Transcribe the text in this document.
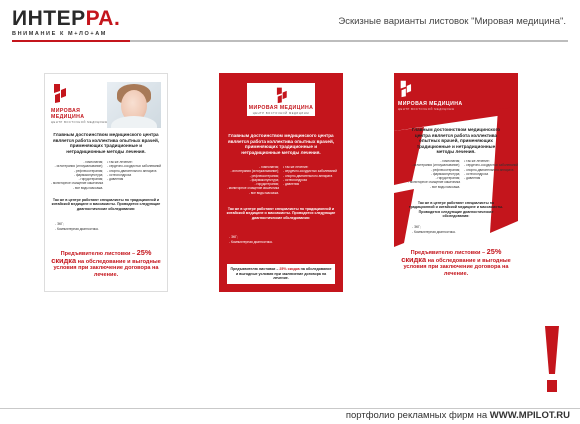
ИНТЕРРА.
ВНИМАНИЕ К М+ЛО+АМ
Эскизные варианты листовок "Мировая медицина".
МИРОВАЯ МЕДИЦИНА
ЦЕНТР ВОСТОЧНОЙ МЕДИЦИНЫ
Главным достоинством медицинского центра является работа коллектива опытных врачей, применяющих традиционные и нетрадиционные методы лечения.
- гомеопатия;
- иглотерапия (иглоукалывание);
- рефлексотерапия;
- фармакопунктура;
- гирудотерапия;
- мониторное очищение кишечника
- все виды массажа.
▪ так же лечение:
- сердечно-сосудистых заболеваний
- опорно-двигательного аппарата
- остеохондроза
- давления
Так же в центре работают специалисты по традиционной и китайской медицине и массажисты. Проводятся следующие диагностические обследования:
- ЭКГ;
- Компьютерная диагностика.
Предъявителю листовки – 25% скидка на обследование и выгодные условия при заключение договора на лечение.
МИРОВАЯ МЕДИЦИНА
ЦЕНТР ВОСТОЧНОЙ МЕДИЦИНЫ
Главным достоинством медицинского центра является работа коллектива опытных врачей, применяющих традиционные и нетрадиционные методы лечения.
- гомеопатия;
- иглотерапия (иглоукалывание);
- рефлексотерапия;
- фармакопунктура;
- гирудотерапия;
- мониторное очищение кишечника
- все виды массажа.
▪ так же лечение:
- сердечно-сосудистых заболеваний
- опорно-двигательного аппарата
- остеохондроза
- давления
Так же в центре работают специалисты по традиционной и китайской медицине и массажисты. Проводятся следующие диагностические обследования:
- ЭКГ;
- Компьютерная диагностика.
Предъявителю листовки – 25% скидка на обследование и выгодные условия при заключение договора на лечение.
МИРОВАЯ МЕДИЦИНА
ЦЕНТР ВОСТОЧНОЙ МЕДИЦИНЫ
Главным достоинством медицинского центра является работа коллектива опытных врачей, применяющих традиционные и нетрадиционные методы лечения.
- гомеопатия;
- иглотерапия (иглоукалывание);
- рефлексотерапия;
- фармакопунктура;
- гирудотерапия;
- мониторное очищение кишечника
- все виды массажа.
▪ так же лечение:
- сердечно-сосудистых заболеваний
- опорно-двигательного аппарата
- остеохондроза
- давления
Так же в центре работают специалисты по традиционной и китайской медицине и массажисты. Проводятся следующие диагностические обследования:
- ЭКГ;
- Компьютерная диагностика.
Предъявителю листовки – 25% скидка на обследование и выгодные условия при заключение договора на лечение.
портфолио рекламных фирм на WWW.MPILOT.RU
